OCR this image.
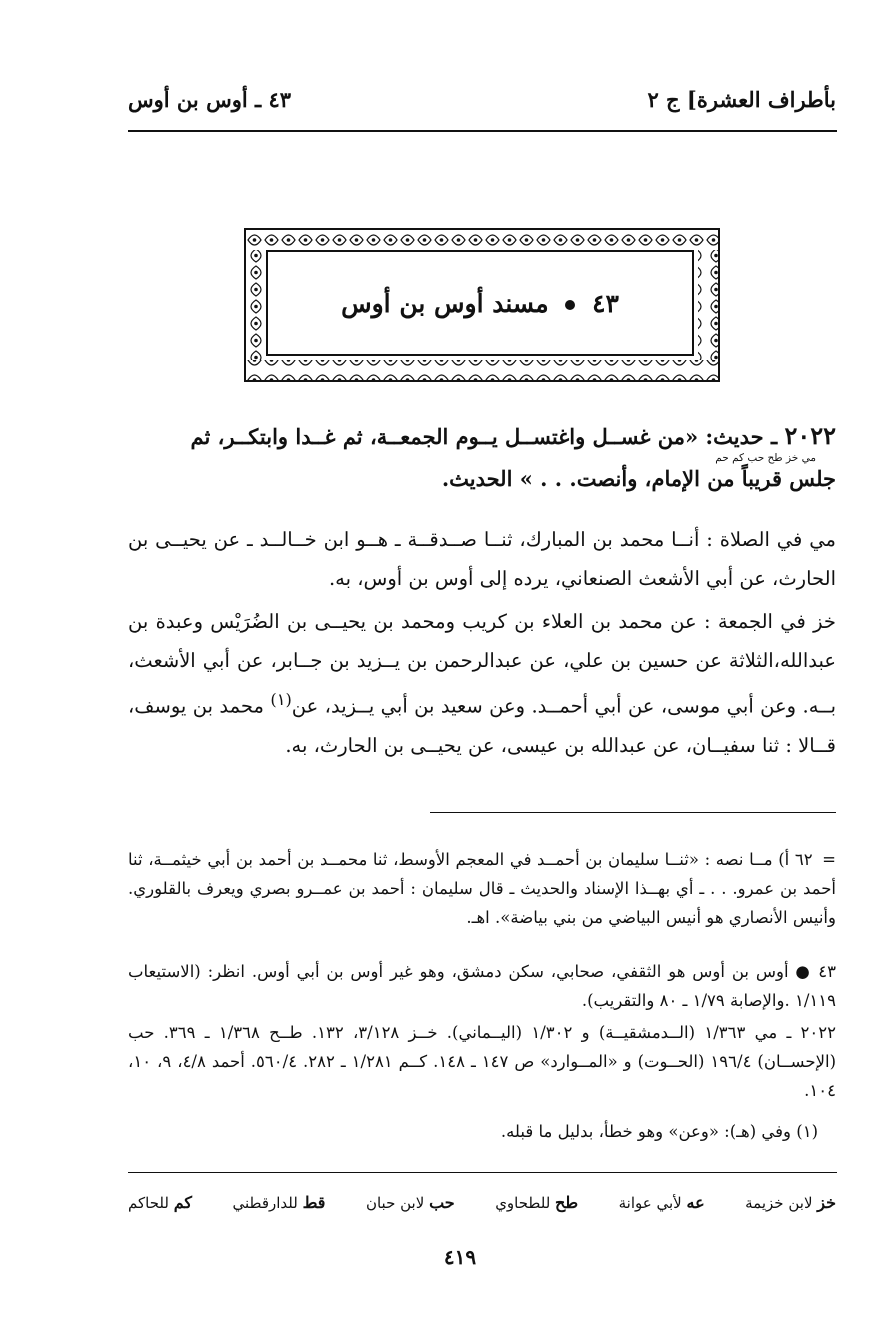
بأطراف العشرة] ج ٢
٤٣ ـ أوس بن أوس
٤٣  مسند أوس بن أوس
٢٠٢٢ ـ حديث: «من غســل واغتســل يــوم الجمعــة، ثم غــدا وابتكــر، ثم
مي خز طح حب كم حم
جلس قريباً من الإمام، وأنصت. . . » الحديث.
مي في الصلاة : أنــا محمد بن المبارك، ثنــا صــدقــة ـ هــو ابن خــالــد ـ عن يحيــى بن الحارث، عن أبي الأشعث الصنعاني، يرده إلى أوس بن أوس، به.
خز في الجمعة : عن محمد بن العلاء بن كريب ومحمد بن يحيــى بن الضُرَيْس وعبدة بن عبدالله،الثلاثة عن حسين بن علي، عن عبدالرحمن بن يــزيد بن جــابر، عن أبي الأشعث، بــه. وعن أبي موسى، عن أبي أحمــد. وعن سعيد بن أبي يــزيد، عن$^{(١)}$ محمد بن يوسف، قــالا : ثنا سفيــان، عن عبدالله بن عيسى، عن يحيــى بن الحارث، به.
= ٦٢ أ) مــا نصه : «ثنــا سليمان بن أحمــد في المعجم الأوسط، ثنا محمــد بن أحمد بن أبي خيثمــة، ثنا أحمد بن عمرو. . . ـ أي بهــذا الإسناد والحديث ـ قال سليمان : أحمد بن عمــرو بصري ويعرف بالقلوري. وأنيس الأنصاري هو أنيس البياضي من بني بياضة». اهـ.
٤٣ ● أوس بن أوس هو الثقفي، صحابي، سكن دمشق، وهو غير أوس بن أبي أوس. انظر: (الاستيعاب ١/١١٩ .والإصابة ١/٧٩ ـ ٨٠ والتقريب).
٢٠٢٢ ـ مي ١/٣٦٣ (الــدمشقيــة) و ١/٣٠٢ (اليــماني). خــز ٣/١٢٨، ١٣٢. طــح ١/٣٦٨ ـ ٣٦٩. حب (الإحســان) ١٩٦/٤ (الحــوت) و «المــوارد» ص ١٤٧ ـ ١٤٨. كــم ١/٢٨١ ـ ٢٨٢. ٥٦٠/٤. أحمد ٤/٨، ٩، ١٠، ١٠٤.
(١) وفي (هـ): «وعن» وهو خطأ، بدليل ما قبله.
خز لابن خزيمة
عه لأبي عوانة
طح للطحاوي
حب لابن حبان
قط للدارقطني
كم للحاكم
٤١٩
